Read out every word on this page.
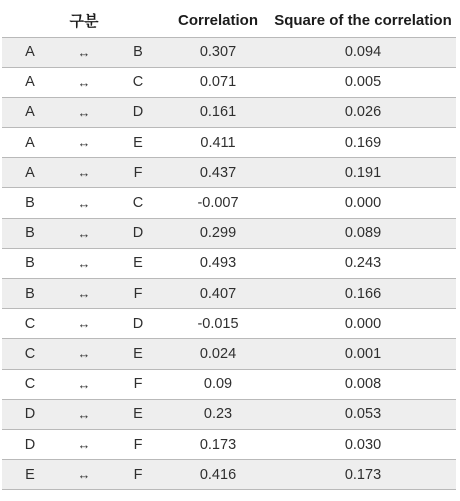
	구분		Correlation	Square of the correlation
A	↔	B	0.307	0.094
A	↔	C	0.071	0.005
A	↔	D	0.161	0.026
A	↔	E	0.411	0.169
A	↔	F	0.437	0.191
B	↔	C	-0.007	0.000
B	↔	D	0.299	0.089
B	↔	E	0.493	0.243
B	↔	F	0.407	0.166
C	↔	D	-0.015	0.000
C	↔	E	0.024	0.001
C	↔	F	0.09	0.008
D	↔	E	0.23	0.053
D	↔	F	0.173	0.030
E	↔	F	0.416	0.173
